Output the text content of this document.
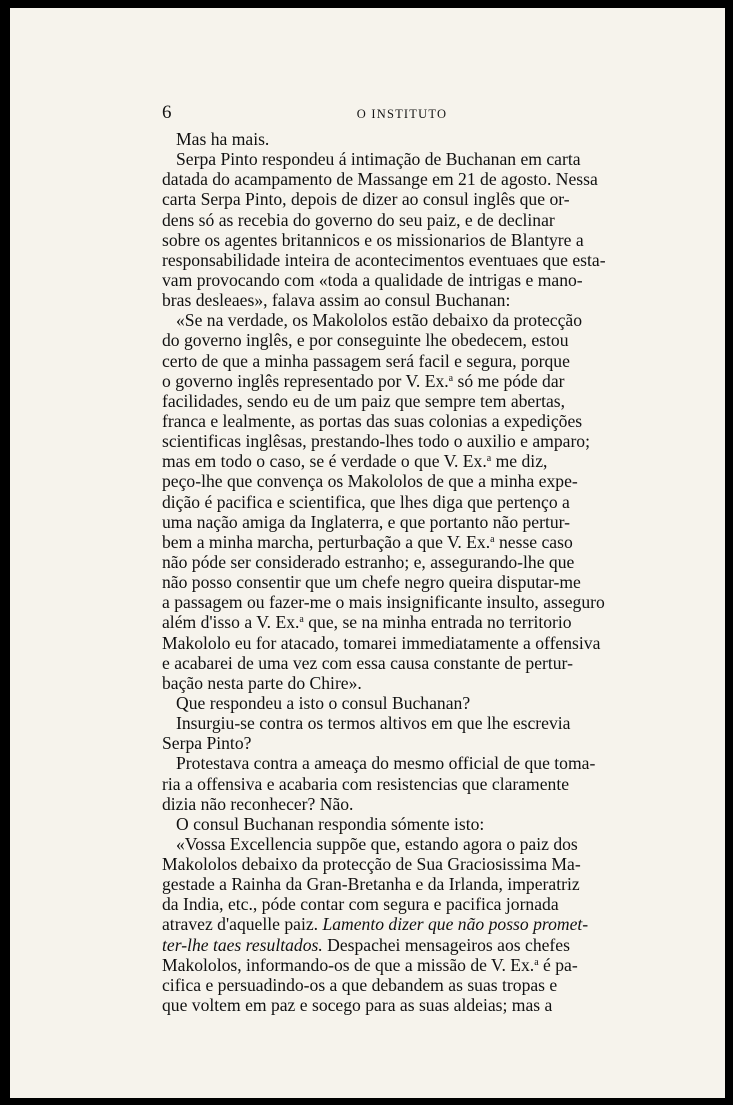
6	O INSTITUTO
Mas ha mais.
Serpa Pinto respondeu á intimação de Buchanan em carta
datada do acampamento de Massange em 21 de agosto. Nessa
carta Serpa Pinto, depois de dizer ao consul inglês que or-
dens só as recebia do governo do seu paiz, e de declinar
sobre os agentes britannicos e os missionarios de Blantyre a
responsabilidade inteira de acontecimentos eventuaes que esta-
vam provocando com «toda a qualidade de intrigas e mano-
bras desleaes», falava assim ao consul Buchanan:
«Se na verdade, os Makololos estão debaixo da protecção
do governo inglês, e por conseguinte lhe obedecem, estou
certo de que a minha passagem será facil e segura, porque
o governo inglês representado por V. Ex.$^a$ só me póde dar
facilidades, sendo eu de um paiz que sempre tem abertas,
franca e lealmente, as portas das suas colonias a expedições
scientificas inglêsas, prestando-lhes todo o auxilio e amparo;
mas em todo o caso, se é verdade o que V. Ex.$^a$ me diz,
peço-lhe que convença os Makololos de que a minha expe-
dição é pacifica e scientifica, que lhes diga que pertenço a
uma nação amiga da Inglaterra, e que portanto não pertur-
bem a minha marcha, perturbação a que V. Ex.$^a$ nesse caso
não póde ser considerado estranho; e, assegurando-lhe que
não posso consentir que um chefe negro queira disputar-me
a passagem ou fazer-me o mais insignificante insulto, asseguro
além d'isso a V. Ex.$^a$ que, se na minha entrada no territorio
Makololo eu for atacado, tomarei immediatamente a offensiva
e acabarei de uma vez com essa causa constante de pertur-
bação nesta parte do Chire».
Que respondeu a isto o consul Buchanan?
Insurgiu-se contra os termos altivos em que lhe escrevia
Serpa Pinto?
Protestava contra a ameaça do mesmo official de que toma-
ria a offensiva e acabaria com resistencias que claramente
dizia não reconhecer? Não.
O consul Buchanan respondia sómente isto:
«Vossa Excellencia suppõe que, estando agora o paiz dos
Makololos debaixo da protecção de Sua Graciosissima Ma-
gestade a Rainha da Gran-Bretanha e da Irlanda, imperatriz
da India, etc., póde contar com segura e pacifica jornada
atravez d'aquelle paiz. Lamento dizer que não posso promet-
ter-lhe taes resultados. Despachei mensageiros aos chefes
Makololos, informando-os de que a missão de V. Ex.$^a$ é pa-
cifica e persuadindo-os a que debandem as suas tropas e
que voltem em paz e socego para as suas aldeias; mas a
